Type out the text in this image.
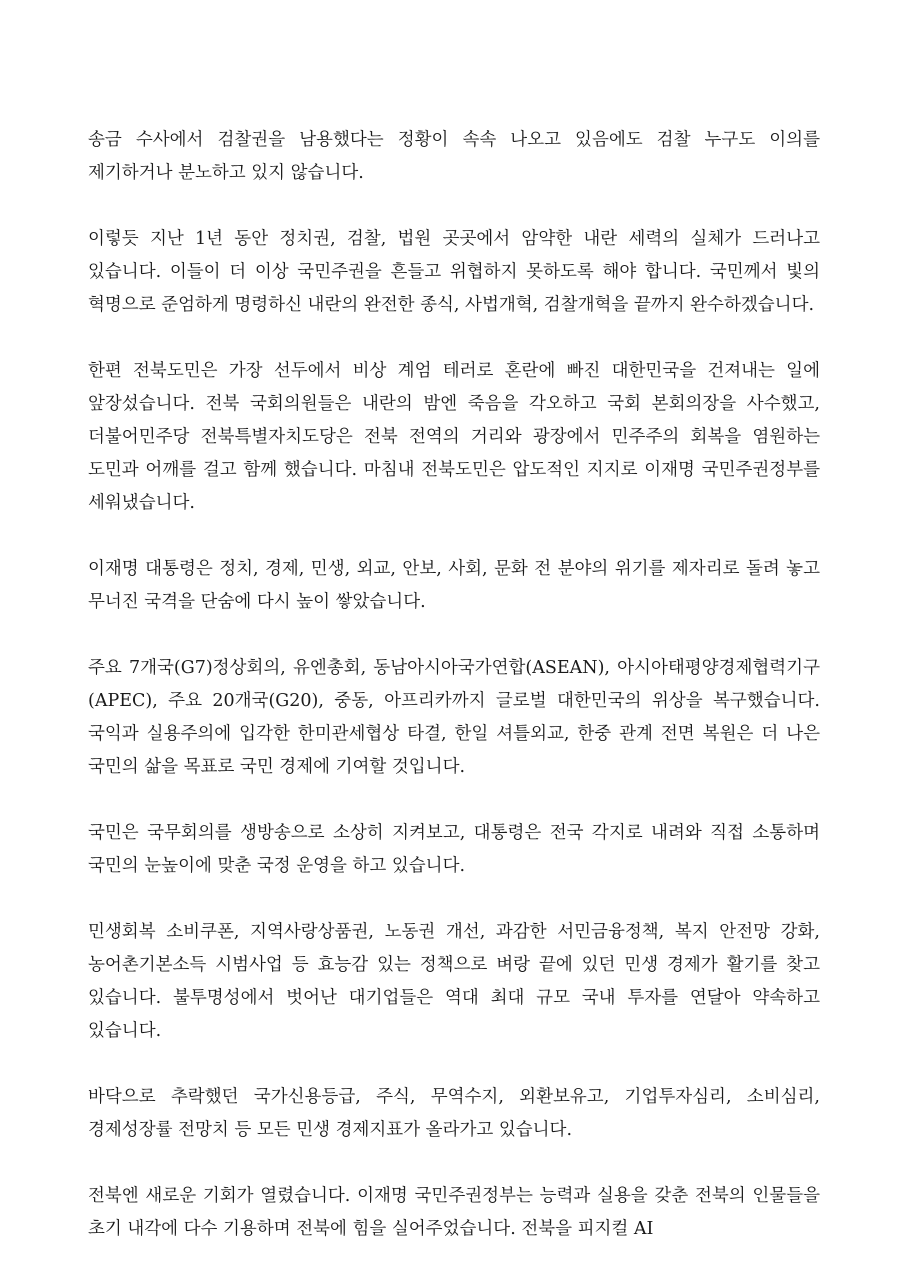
송금 수사에서 검찰권을 남용했다는 정황이 속속 나오고 있음에도 검찰 누구도 이의를 제기하거나 분노하고 있지 않습니다.

이렇듯 지난 1년 동안 정치권, 검찰, 법원 곳곳에서 암약한 내란 세력의 실체가 드러나고 있습니다. 이들이 더 이상 국민주권을 흔들고 위협하지 못하도록 해야 합니다. 국민께서 빛의 혁명으로 준엄하게 명령하신 내란의 완전한 종식, 사법개혁, 검찰개혁을 끝까지 완수하겠습니다.

한편 전북도민은 가장 선두에서 비상 계엄 테러로 혼란에 빠진 대한민국을 건져내는 일에 앞장섰습니다. 전북 국회의원들은 내란의 밤엔 죽음을 각오하고 국회 본회의장을 사수했고, 더불어민주당 전북특별자치도당은 전북 전역의 거리와 광장에서 민주주의 회복을 염원하는 도민과 어깨를 걸고 함께 했습니다. 마침내 전북도민은 압도적인 지지로 이재명 국민주권정부를 세워냈습니다.

이재명 대통령은 정치, 경제, 민생, 외교, 안보, 사회, 문화 전 분야의 위기를 제자리로 돌려 놓고 무너진 국격을 단숨에 다시 높이 쌓았습니다.

주요 7개국(G7)정상회의, 유엔총회, 동남아시아국가연합(ASEAN), 아시아태평양경제협력기구(APEC), 주요 20개국(G20), 중동, 아프리카까지 글로벌 대한민국의 위상을 복구했습니다. 국익과 실용주의에 입각한 한미관세협상 타결, 한일 셔틀외교, 한중 관계 전면 복원은 더 나은 국민의 삶을 목표로 국민 경제에 기여할 것입니다.

국민은 국무회의를 생방송으로 소상히 지켜보고, 대통령은 전국 각지로 내려와 직접 소통하며 국민의 눈높이에 맞춘 국정 운영을 하고 있습니다.

민생회복 소비쿠폰, 지역사랑상품권, 노동권 개선, 과감한 서민금융정책, 복지 안전망 강화, 농어촌기본소득 시범사업 등 효능감 있는 정책으로 벼랑 끝에 있던 민생 경제가 활기를 찾고 있습니다. 불투명성에서 벗어난 대기업들은 역대 최대 규모 국내 투자를 연달아 약속하고 있습니다.

바닥으로 추락했던 국가신용등급, 주식, 무역수지, 외환보유고, 기업투자심리, 소비심리, 경제성장률 전망치 등 모든 민생 경제지표가 올라가고 있습니다.

전북엔 새로운 기회가 열렸습니다. 이재명 국민주권정부는 능력과 실용을 갖춘 전북의 인물들을 초기 내각에 다수 기용하며 전북에 힘을 실어주었습니다. 전북을 피지컬 AI
